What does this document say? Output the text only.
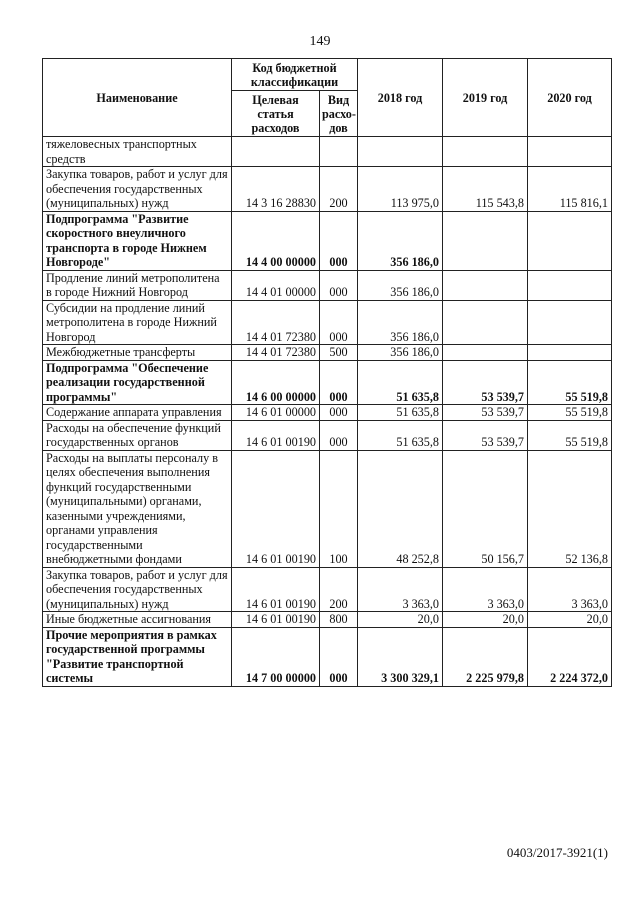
149
Наименование	Код бюджетной классификации		2018 год	2019 год	2020 год
	Целевая статья расходов	Вид расхо-дов			
тяжеловесных транспортных средств					
Закупка товаров, работ и услуг для обеспечения государственных (муниципальных) нужд	14 3 16 28830	200	113 975,0	115 543,8	115 816,1
Подпрограмма "Развитие скоростного внеуличного транспорта в городе Нижнем Новгороде"	14 4 00 00000	000	356 186,0		
Продление линий метрополитена в городе Нижний Новгород	14 4 01 00000	000	356 186,0		
Субсидии на продление линий метрополитена в городе Нижний Новгород	14 4 01 72380	000	356 186,0		
Межбюджетные трансферты	14 4 01 72380	500	356 186,0		
Подпрограмма "Обеспечение реализации государственной программы"	14 6 00 00000	000	51 635,8	53 539,7	55 519,8
Содержание аппарата управления	14 6 01 00000	000	51 635,8	53 539,7	55 519,8
Расходы на обеспечение функций государственных органов	14 6 01 00190	000	51 635,8	53 539,7	55 519,8
Расходы на выплаты персоналу в целях обеспечения выполнения функций государственными (муниципальными) органами, казенными учреждениями, органами управления государственными внебюджетными фондами	14 6 01 00190	100	48 252,8	50 156,7	52 136,8
Закупка товаров, работ и услуг для обеспечения государственных (муниципальных) нужд	14 6 01 00190	200	3 363,0	3 363,0	3 363,0
Иные бюджетные ассигнования	14 6 01 00190	800	20,0	20,0	20,0
Прочие мероприятия в рамках государственной программы "Развитие транспортной системы	14 7 00 00000	000	3 300 329,1	2 225 979,8	2 224 372,0
0403/2017-3921(1)
